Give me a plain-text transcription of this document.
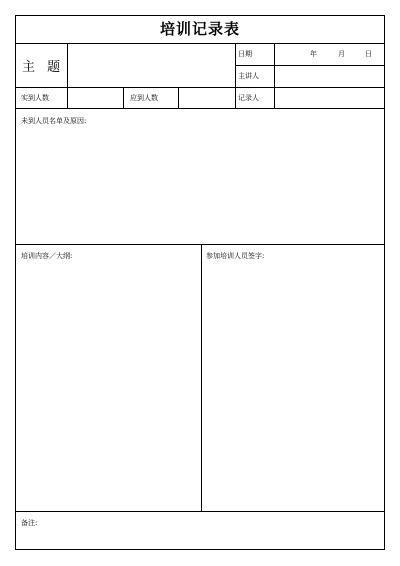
培训记录表
主 题
日期	年	月	日
主讲人
实到人数	应到人数	记录人
未到人员名单及原因:
培训内容／大纲:	参加培训人员签字:
备注:
